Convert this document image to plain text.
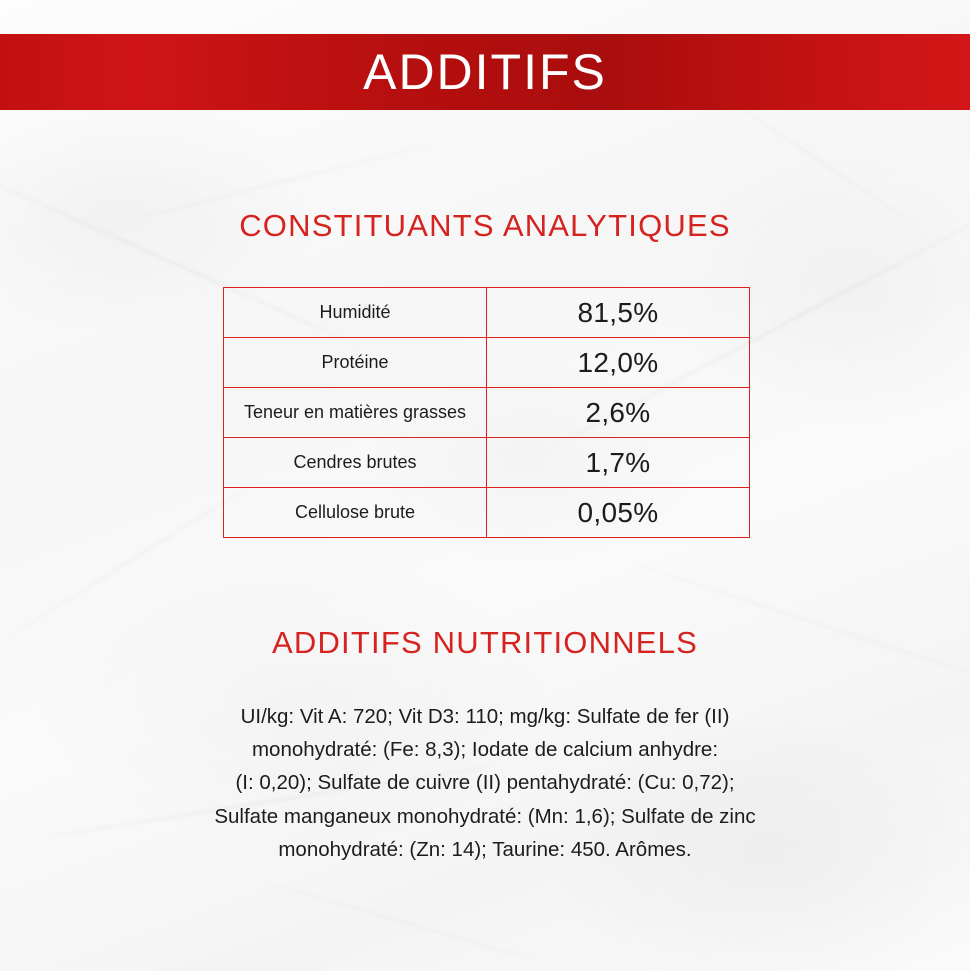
ADDITIFS
CONSTITUANTS ANALYTIQUES
Humidité	81,5%
Protéine	12,0%
Teneur en matières grasses	2,6%
Cendres brutes	1,7%
Cellulose brute	0,05%
ADDITIFS NUTRITIONNELS

UI/kg: Vit A: 720; Vit D3: 110; mg/kg: Sulfate de fer (II)

monohydraté: (Fe: 8,3); Iodate de calcium anhydre:

(I: 0,20); Sulfate de cuivre (II) pentahydraté: (Cu: 0,72);

Sulfate manganeux monohydraté: (Mn: 1,6); Sulfate de zinc

monohydraté: (Zn: 14); Taurine: 450. Arômes.
